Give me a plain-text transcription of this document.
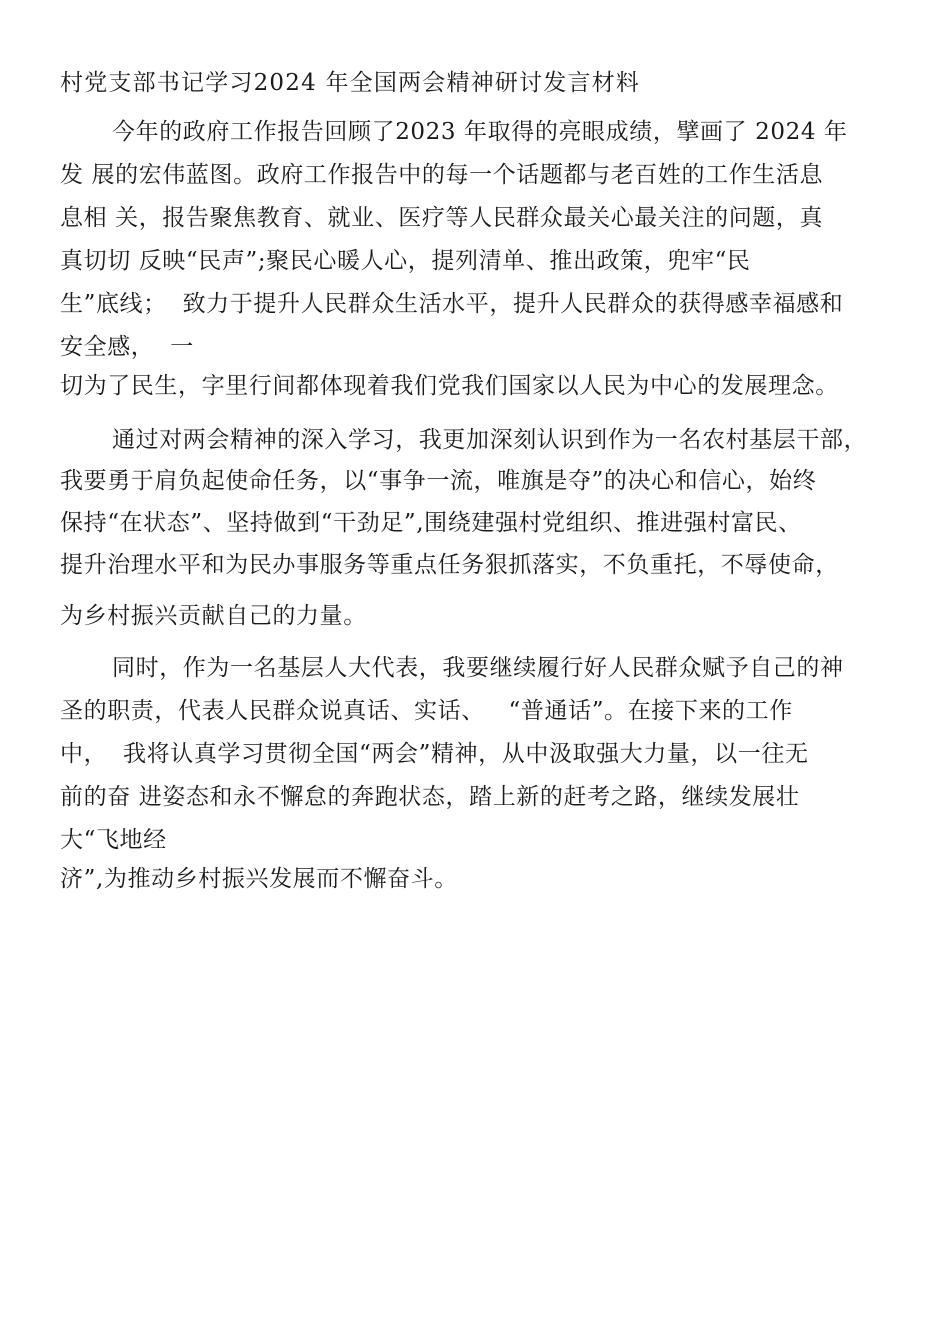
村党支部书记学习2024 年全国两会精神研讨发言材料
今年的政府工作报告回顾了2023 年取得的亮眼成绩，擘画了 2024 年
发 展的宏伟蓝图。政府工作报告中的每一个话题都与老百姓的工作生活息
息相 关，报告聚焦教育、就业、医疗等人民群众最关心最关注的问题，真
真切切 反映“民声”;聚民心暖人心，提列清单、推出政策，兜牢“民
生”底线；  致力于提升人民群众生活水平，提升人民群众的获得感幸福感和
安全感，  一
切为了民生，字里行间都体现着我们党我们国家以人民为中心的发展理念。
通过对两会精神的深入学习，我更加深刻认识到作为一名农村基层干部，
我要勇于肩负起使命任务，以“事争一流，唯旗是夺”的决心和信心，始终
保持“在状态”、坚持做到“干劲足”,围绕建强村党组织、推进强村富民、
提升治理水平和为民办事服务等重点任务狠抓落实，不负重托，不辱使命，
为乡村振兴贡献自己的力量。
同时，作为一名基层人大代表，我要继续履行好人民群众赋予自己的神
圣的职责，代表人民群众说真话、实话、   “普通话”。在接下来的工作
中，  我将认真学习贯彻全国“两会”精神，从中汲取强大力量，以一往无
前的奋 进姿态和永不懈怠的奔跑状态，踏上新的赶考之路，继续发展壮
大“飞地经
济”,为推动乡村振兴发展而不懈奋斗。
